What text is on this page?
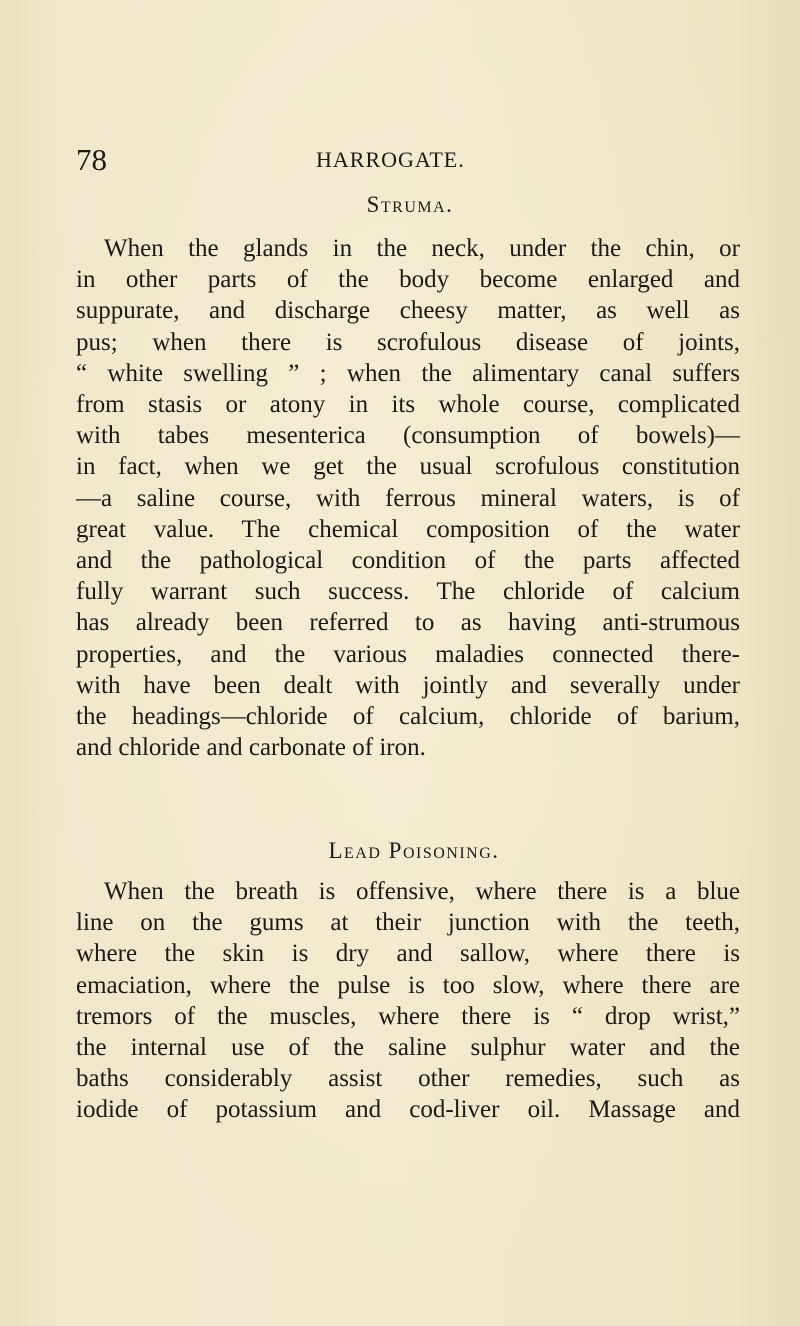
78	HARROGATE.
Struma.
When the glands in the neck, under the chin, or
in other parts of the body become enlarged and
suppurate, and discharge cheesy matter, as well as
pus; when there is scrofulous disease of joints,
“ white swelling ” ; when the alimentary canal suffers
from stasis or atony in its whole course, complicated
with tabes mesenterica (consumption of bowels)—
in fact, when we get the usual scrofulous constitution
—a saline course, with ferrous mineral waters, is of
great value. The chemical composition of the water
and the pathological condition of the parts affected
fully warrant such success. The chloride of calcium
has already been referred to as having anti-strumous
properties, and the various maladies connected there-
with have been dealt with jointly and severally under
the headings—chloride of calcium, chloride of barium,
and chloride and carbonate of iron.
Lead Poisoning.
When the breath is offensive, where there is a blue
line on the gums at their junction with the teeth,
where the skin is dry and sallow, where there is
emaciation, where the pulse is too slow, where there are
tremors of the muscles, where there is “ drop wrist,”
the internal use of the saline sulphur water and the
baths considerably assist other remedies, such as
iodide of potassium and cod-liver oil. Massage and
